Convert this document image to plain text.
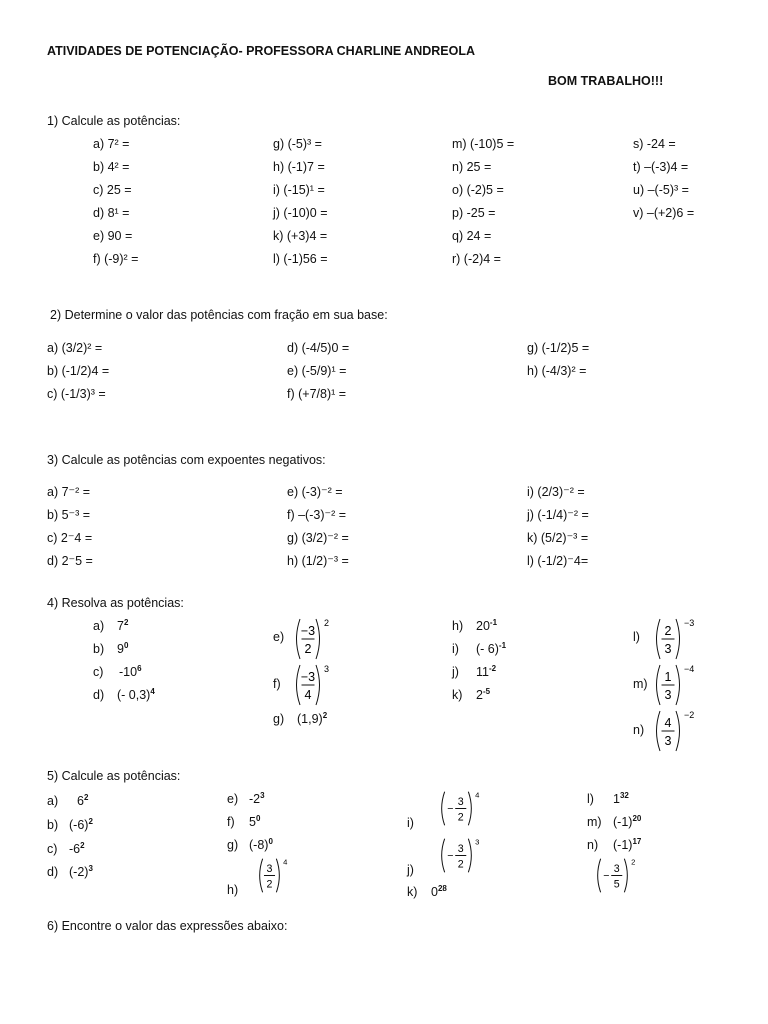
ATIVIDADES DE POTENCIAÇÃO- PROFESSORA CHARLINE ANDREOLA
BOM TRABALHO!!!
1) Calcule as potências:
a) 7² =
b) 4² =
c) 25 =
d) 8¹ =
e) 90 =
f) (-9)² =
g) (-5)³ =
h) (-1)7 =
i) (-15)¹ =
j) (-10)0 =
k) (+3)4 =
l) (-1)56 =
m) (-10)5 =
n) 25 =
o) (-2)5 =
p) -25 =
q) 24 =
r) (-2)4 =
s) -24 =
t) –(-3)4 =
u) –(-5)³ =
v) –(+2)6 =
2) Determine o valor das potências com fração em sua base:
a) (3/2)² =
b) (-1/2)4 =
c) (-1/3)³ =
d) (-4/5)0 =
e) (-5/9)¹ =
f) (+7/8)¹ =
g) (-1/2)5 =
h) (-4/3)² =
3) Calcule as potências com expoentes negativos:
a) 7⁻² =
b) 5⁻³ =
c) 2⁻4 =
d) 2⁻5 =
e) (-3)⁻² =
f) –(-3)⁻² =
g) (3/2)⁻² =
h) (1/2)⁻³ =
i) (2/3)⁻² =
j) (-1/4)⁻² =
k) (5/2)⁻³ =
l) (-1/2)⁻4=
4) Resolva as potências:
a) $7^2$
b) $9^0$
c) $-10^6$
d) (- 0,3)$^4$
e) −3
2
2
f) −3
4
3
g) $(1,9)^2$
h) $20^{-1}$
i) (- 6)$^{-1}$
j) $11^{-2}$
k) $2^{-5}$
l) 2
3
−3
m) 1
3
−4
n) 4
3
−2
5) Calcule as potências:
a) $6^2$
b) $(-6)^2$
c) $-6^2$
d) $(-2)^3$
e) $-2^3$
f) $5^0$
g) $(-8)^0$
h)
3
2
4
i)
−
3
2
4
−
3
2
3
j)
k) $0^{28}$
l) $1^{32}$
m) $(-1)^{20}$
n) $(-1)^{17}$
−
3
5
2
6) Encontre o valor das expressões abaixo:
